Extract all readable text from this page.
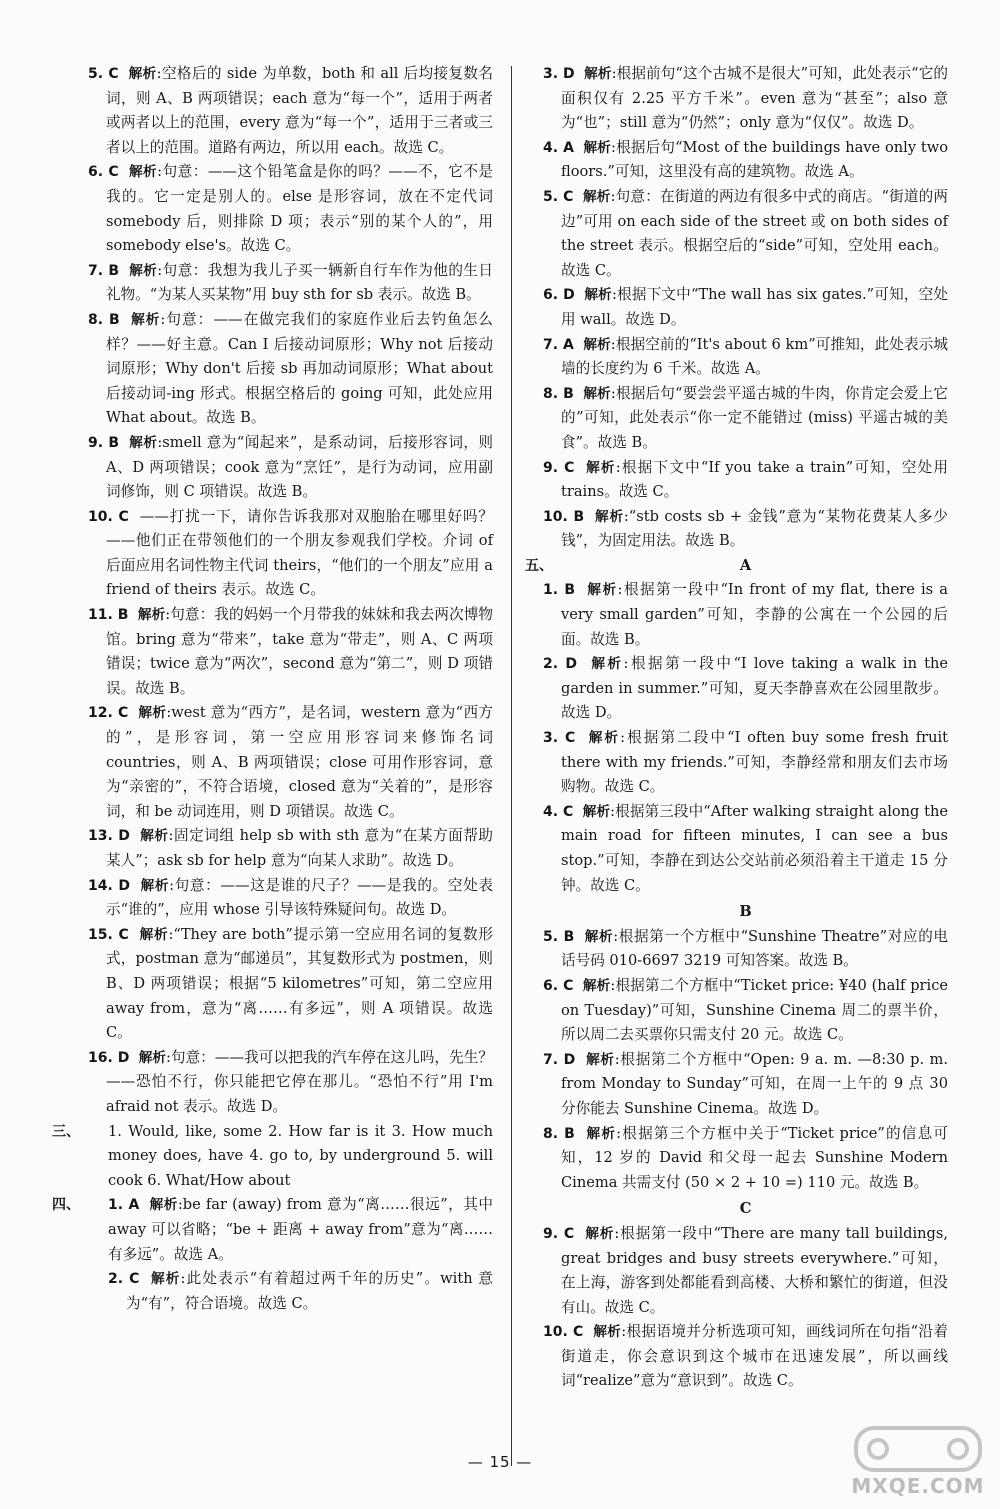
5. C 解析:空格后的 side 为单数，both 和 all 后均接复数名词，则 A、B 两项错误；each 意为“每一个”，适用于两者或两者以上的范围，every 意为“每一个”，适用于三者或三者以上的范围。道路有两边，所以用 each。故选 C。

6. C 解析:句意：——这个铅笔盒是你的吗？——不，它不是我的。它一定是别人的。else 是形容词，放在不定代词 somebody 后，则排除 D 项；表示“别的某个人的”，用 somebody else's。故选 C。

7. B 解析:句意：我想为我儿子买一辆新自行车作为他的生日礼物。“为某人买某物”用 buy sth for sb 表示。故选 B。

8. B 解析:句意：——在做完我们的家庭作业后去钓鱼怎么样？——好主意。Can I 后接动词原形；Why not 后接动词原形；Why don't 后接 sb 再加动词原形；What about 后接动词-ing 形式。根据空格后的 going 可知，此处应用 What about。故选 B。

9. B 解析:smell 意为“闻起来”，是系动词，后接形容词，则 A、D 两项错误；cook 意为“烹饪”，是行为动词，应用副词修饰，则 C 项错误。故选 B。

10. C ——打扰一下，请你告诉我那对双胞胎在哪里好吗？——他们正在带领他们的一个朋友参观我们学校。介词 of 后面应用名词性物主代词 theirs，“他们的一个朋友”应用 a friend of theirs 表示。故选 C。

11. B 解析:句意：我的妈妈一个月带我的妹妹和我去两次博物馆。bring 意为“带来”，take 意为“带走”，则 A、C 两项错误；twice 意为“两次”，second 意为“第二”，则 D 项错误。故选 B。

12. C 解析:west 意为“西方”，是名词，western 意为“西方的”，是形容词，第一空应用形容词来修饰名词 countries，则 A、B 两项错误；close 可用作形容词，意为“亲密的”，不符合语境，closed 意为“关着的”，是形容词，和 be 动词连用，则 D 项错误。故选 C。

13. D 解析:固定词组 help sb with sth 意为“在某方面帮助某人”；ask sb for help 意为“向某人求助”。故选 D。

14. D 解析:句意：——这是谁的尺子？——是我的。空处表示“谁的”，应用 whose 引导该特殊疑问句。故选 D。

15. C 解析:“They are both”提示第一空应用名词的复数形式，postman 意为“邮递员”，其复数形式为 postmen，则 B、D 两项错误；根据“5 kilometres”可知，第二空应用 away from，意为“离……有多远”，则 A 项错误。故选 C。

16. D 解析:句意：——我可以把我的汽车停在这儿吗，先生？——恐怕不行，你只能把它停在那儿。“恐怕不行”用 I'm afraid not 表示。故选 D。

三、 1. Would, like, some 2. How far is it 3. How much money does, have 4. go to, by underground 5. will cook 6. What/How about

四、 1. A 解析:be far (away) from 意为“离……很远”，其中 away 可以省略；“be + 距离 + away from”意为“离……有多远”。故选 A。

2. C 解析:此处表示“有着超过两千年的历史”。with 意为“有”，符合语境。故选 C。

3. D 解析:根据前句“这个古城不是很大”可知，此处表示“它的面积仅有 2.25 平方千米”。even 意为“甚至”；also 意为“也”；still 意为“仍然”；only 意为“仅仅”。故选 D。

4. A 解析:根据后句“Most of the buildings have only two floors.”可知，这里没有高的建筑物。故选 A。

5. C 解析:句意：在街道的两边有很多中式的商店。“街道的两边”可用 on each side of the street 或 on both sides of the street 表示。根据空后的“side”可知，空处用 each。故选 C。

6. D 解析:根据下文中“The wall has six gates.”可知，空处用 wall。故选 D。

7. A 解析:根据空前的“It's about 6 km”可推知，此处表示城墙的长度约为 6 千米。故选 A。

8. B 解析:根据后句“要尝尝平遥古城的牛肉，你肯定会爱上它的”可知，此处表示“你一定不能错过 (miss) 平遥古城的美食”。故选 B。

9. C 解析:根据下文中“If you take a train”可知，空处用 trains。故选 C。

10. B 解析:“stb costs sb + 金钱”意为“某物花费某人多少钱”，为固定用法。故选 B。

五、	A

1. B 解析:根据第一段中“In front of my flat, there is a very small garden”可知，李静的公寓在一个公园的后面。故选 B。

2. D 解析:根据第一段中“I love taking a walk in the garden in summer.”可知，夏天李静喜欢在公园里散步。故选 D。

3. C 解析:根据第二段中“I often buy some fresh fruit there with my friends.”可知，李静经常和朋友们去市场购物。故选 C。

4. C 解析:根据第三段中“After walking straight along the main road for fifteen minutes, I can see a bus stop.”可知，李静在到达公交站前必须沿着主干道走 15 分钟。故选 C。

B

5. B 解析:根据第一个方框中“Sunshine Theatre”对应的电话号码 010-6697 3219 可知答案。故选 B。

6. C 解析:根据第二个方框中“Ticket price: ¥40 (half price on Tuesday)”可知，Sunshine Cinema 周二的票半价，所以周二去买票你只需支付 20 元。故选 C。

7. D 解析:根据第二个方框中“Open: 9 a. m. —8:30 p. m. from Monday to Sunday”可知，在周一上午的 9 点 30 分你能去 Sunshine Cinema。故选 D。

8. B 解析:根据第三个方框中关于“Ticket price”的信息可知，12 岁的 David 和父母一起去 Sunshine Modern Cinema 共需支付 (50 × 2 + 10 =) 110 元。故选 B。

C

9. C 解析:根据第一段中“There are many tall buildings, great bridges and busy streets everywhere.”可知，在上海，游客到处都能看到高楼、大桥和繁忙的街道，但没有山。故选 C。

10. C 解析:根据语境并分析选项可知，画线词所在句指“沿着街道走，你会意识到这个城市在迅速发展”，所以画线词“realize”意为“意识到”。故选 C。

— 15 —
MXQE.COM
